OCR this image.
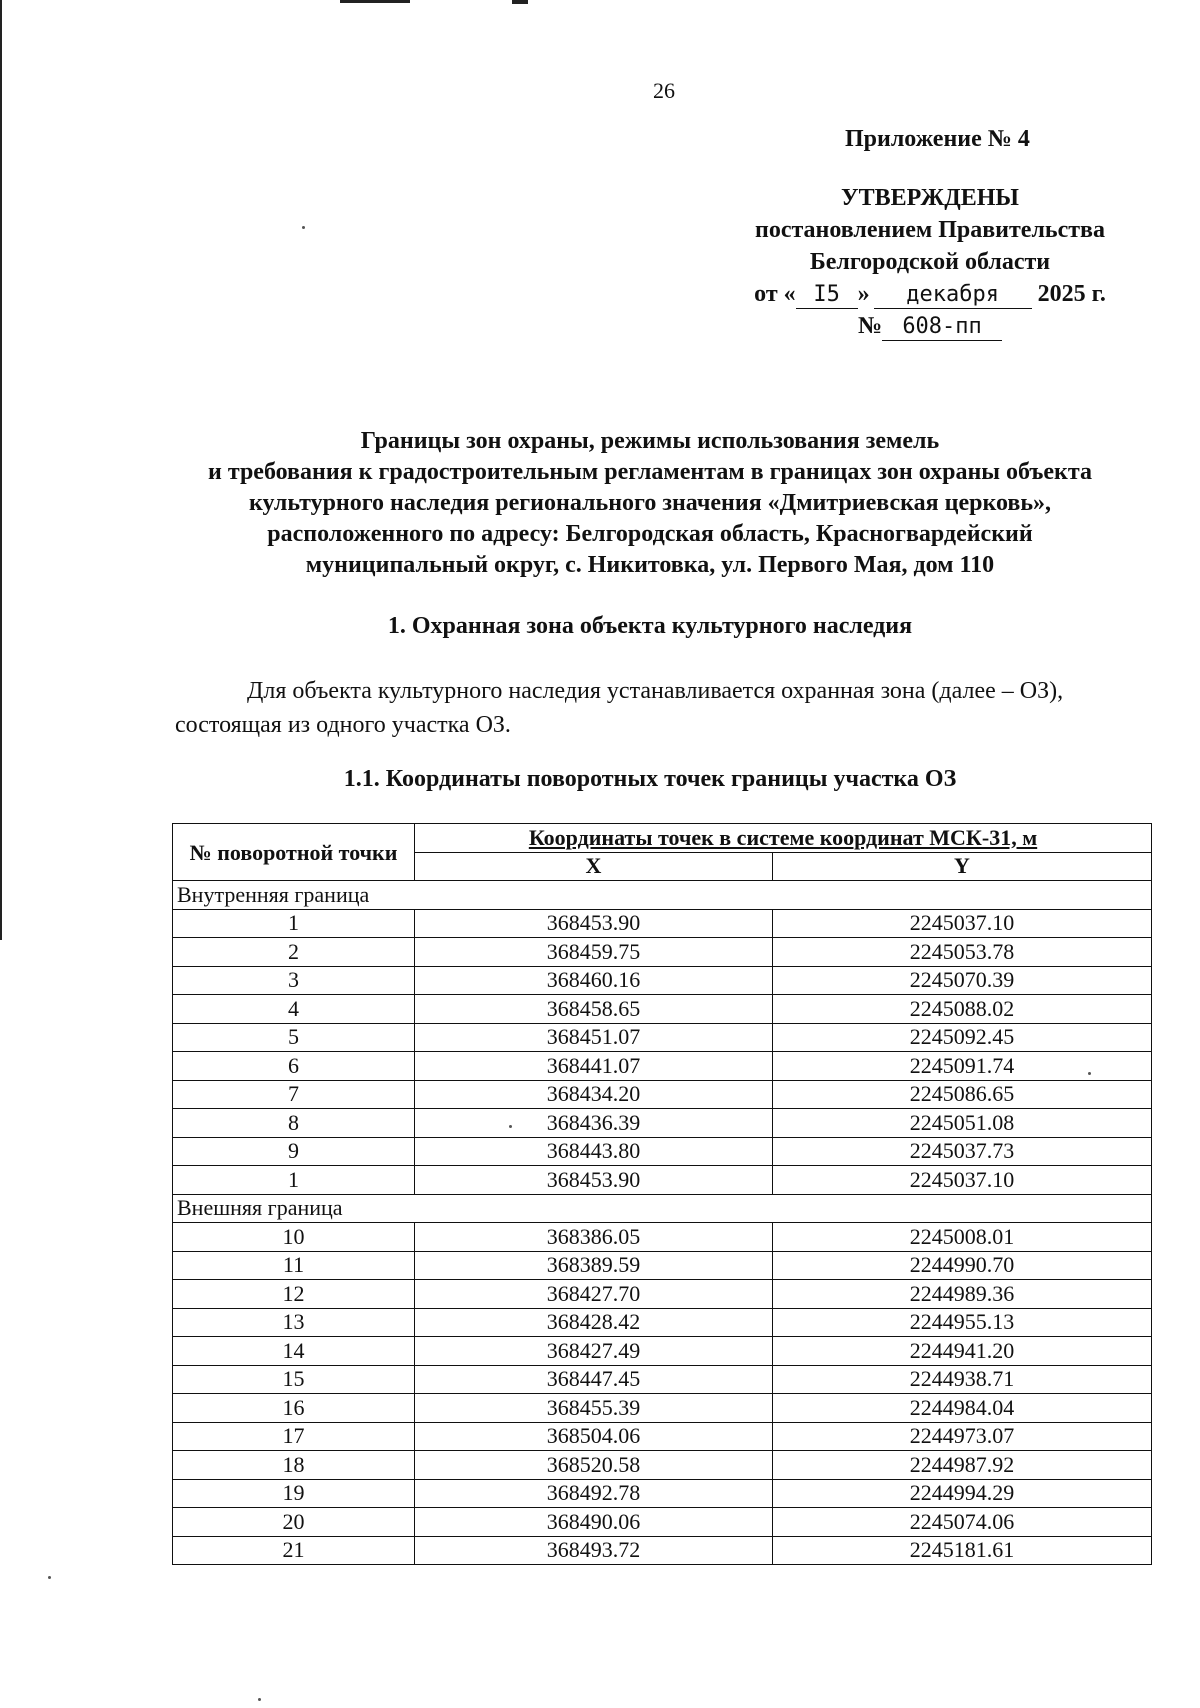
26
Приложение № 4
УТВЕРЖДЕНЫ
постановлением Правительства
Белгородской области
от « I5 » декабря 2025 г.
№ 608-пп
Границы зон охраны, режимы использования земель
и требования к градостроительным регламентам в границах зон охраны объекта
культурного наследия регионального значения «Дмитриевская церковь»,
расположенного по адресу: Белгородская область, Красногвардейский
муниципальный округ, с. Никитовка, ул. Первого Мая, дом 110
1. Охранная зона объекта культурного наследия
Для объекта культурного наследия устанавливается охранная зона (далее – ОЗ),
состоящая из одного участка ОЗ.
1.1. Координаты поворотных точек границы участка ОЗ
№ поворотной точки	Координаты точек в системе координат МСК-31, м	
	X	Y
Внутренняя граница		
1	368453.90	2245037.10
2	368459.75	2245053.78
3	368460.16	2245070.39
4	368458.65	2245088.02
5	368451.07	2245092.45
6	368441.07	2245091.74
7	368434.20	2245086.65
8	368436.39	2245051.08
9	368443.80	2245037.73
1	368453.90	2245037.10
Внешняя граница		
10	368386.05	2245008.01
11	368389.59	2244990.70
12	368427.70	2244989.36
13	368428.42	2244955.13
14	368427.49	2244941.20
15	368447.45	2244938.71
16	368455.39	2244984.04
17	368504.06	2244973.07
18	368520.58	2244987.92
19	368492.78	2244994.29
20	368490.06	2245074.06
21	368493.72	2245181.61
